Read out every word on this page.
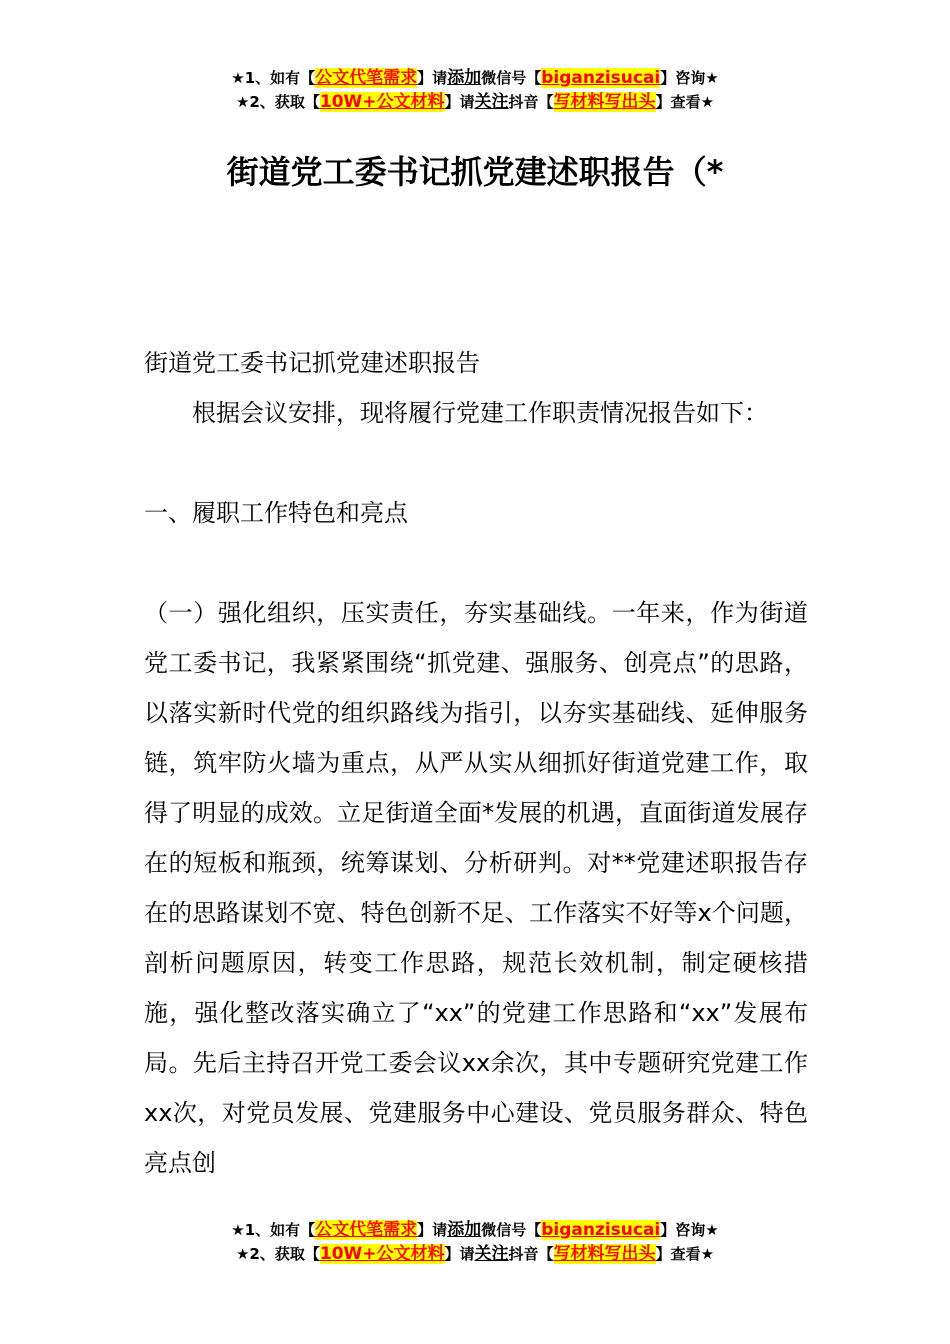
★1、如有【公文代笔需求】请添加微信号【biganzisucai】咨询★
★2、获取【10W+公文材料】请关注抖音【写材料写出头】查看★
街道党工委书记抓党建述职报告（*

街道党工委书记抓党建述职报告

根据会议安排，现将履行党建工作职责情况报告如下：

一、履职工作特色和亮点

（一）强化组织，压实责任，夯实基础线。一年来，作为街道党工委书记，我紧紧围绕“抓党建、强服务、创亮点”的思路，以落实新时代党的组织路线为指引，以夯实基础线、延伸服务链，筑牢防火墙为重点，从严从实从细抓好街道党建工作，取得了明显的成效。立足街道全面*发展的机遇，直面街道发展存在的短板和瓶颈，统筹谋划、分析研判。对**党建述职报告存在的思路谋划不宽、特色创新不足、工作落实不好等x个问题，剖析问题原因，转变工作思路，规范长效机制，制定硬核措施，强化整改落实确立了“xx”的党建工作思路和“xx”发展布局。先后主持召开党工委会议xx余次，其中专题研究党建工作xx次，对党员发展、党建服务中心建设、党员服务群众、特色亮点创

★1、如有【公文代笔需求】请添加微信号【biganzisucai】咨询★
★2、获取【10W+公文材料】请关注抖音【写材料写出头】查看★
